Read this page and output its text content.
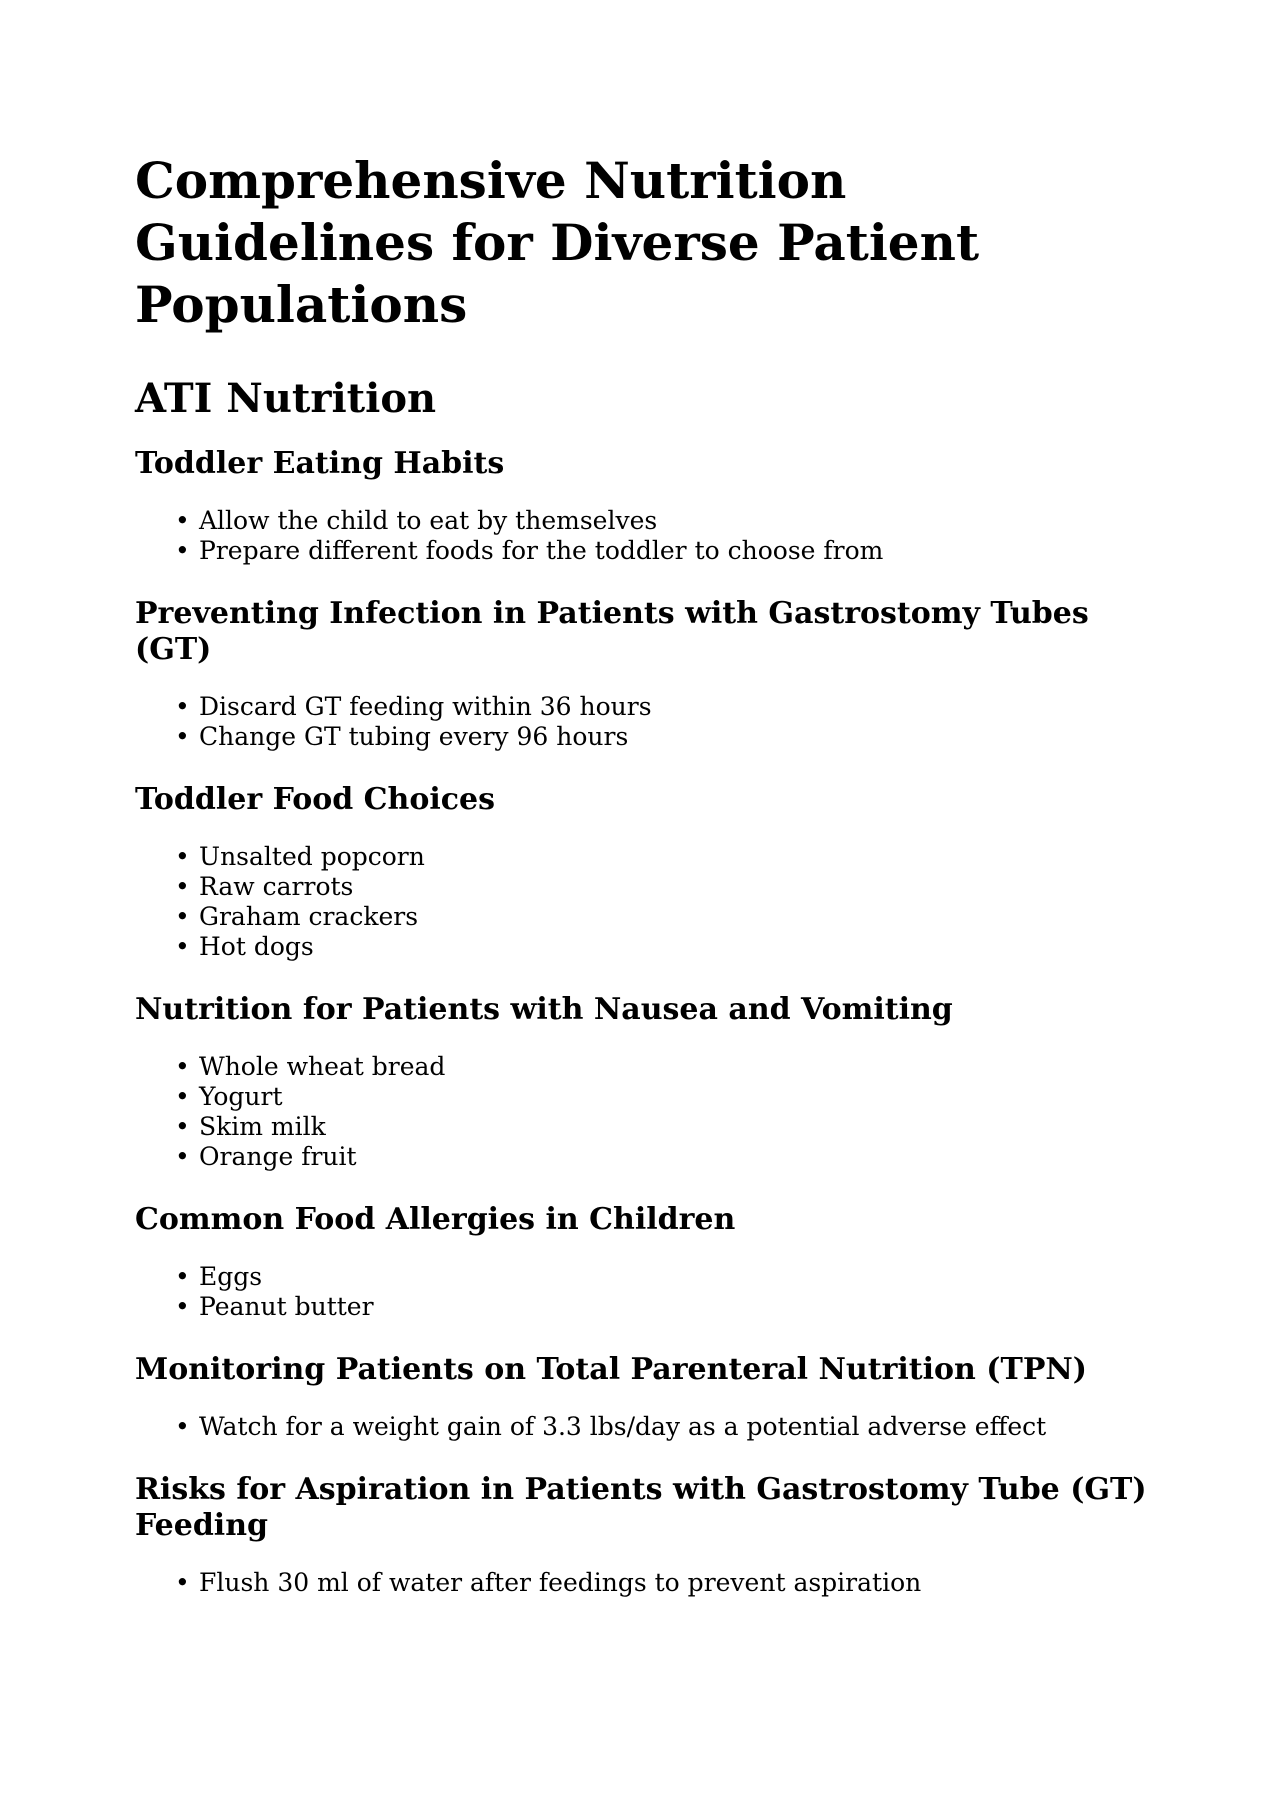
Comprehensive Nutrition Guidelines for Diverse Patient Populations
ATI Nutrition
Toddler Eating Habits
• Allow the child to eat by themselves
• Prepare different foods for the toddler to choose from
Preventing Infection in Patients with Gastrostomy Tubes (GT)
• Discard GT feeding within 36 hours
• Change GT tubing every 96 hours
Toddler Food Choices
• Unsalted popcorn
• Raw carrots
• Graham crackers
• Hot dogs
Nutrition for Patients with Nausea and Vomiting
• Whole wheat bread
• Yogurt
• Skim milk
• Orange fruit
Common Food Allergies in Children
• Eggs
• Peanut butter
Monitoring Patients on Total Parenteral Nutrition (TPN)
• Watch for a weight gain of 3.3 lbs/day as a potential adverse effect
Risks for Aspiration in Patients with Gastrostomy Tube (GT) Feeding
• Flush 30 ml of water after feedings to prevent aspiration
